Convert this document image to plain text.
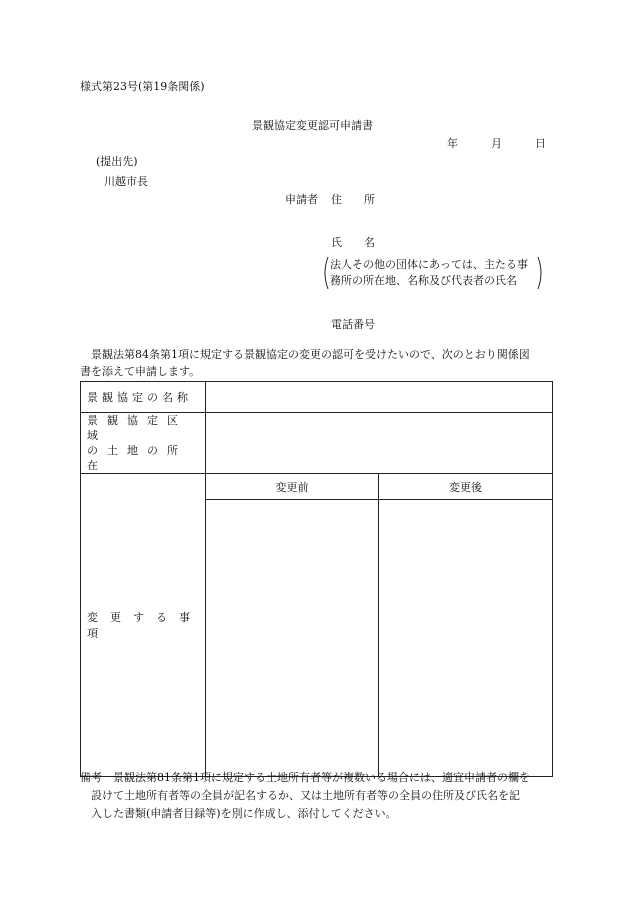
様式第23号(第19条関係)
景観協定変更認可申請書
年	月	日
(提出先)
川越市長
申請者 住　　所
氏　　名
法人その他の団体にあっては、主たる事
務所の所在地、名称及び代表者の氏名
電話番号

　景観法第84条第1項に規定する景観協定の変更の認可を受けたいので、次のとおり関係図

書を添えて申請します。

景観協定の名称		

景観協定区域
の土地の所在		

変更する事項	変更前	変更後

備考　景観法第81条第1項に規定する土地所有者等が複数いる場合には、適宜申請者の欄を

　設けて土地所有者等の全員が記名するか、又は土地所有者等の全員の住所及び氏名を記

　入した書類(申請者目録等)を別に作成し、添付してください。
